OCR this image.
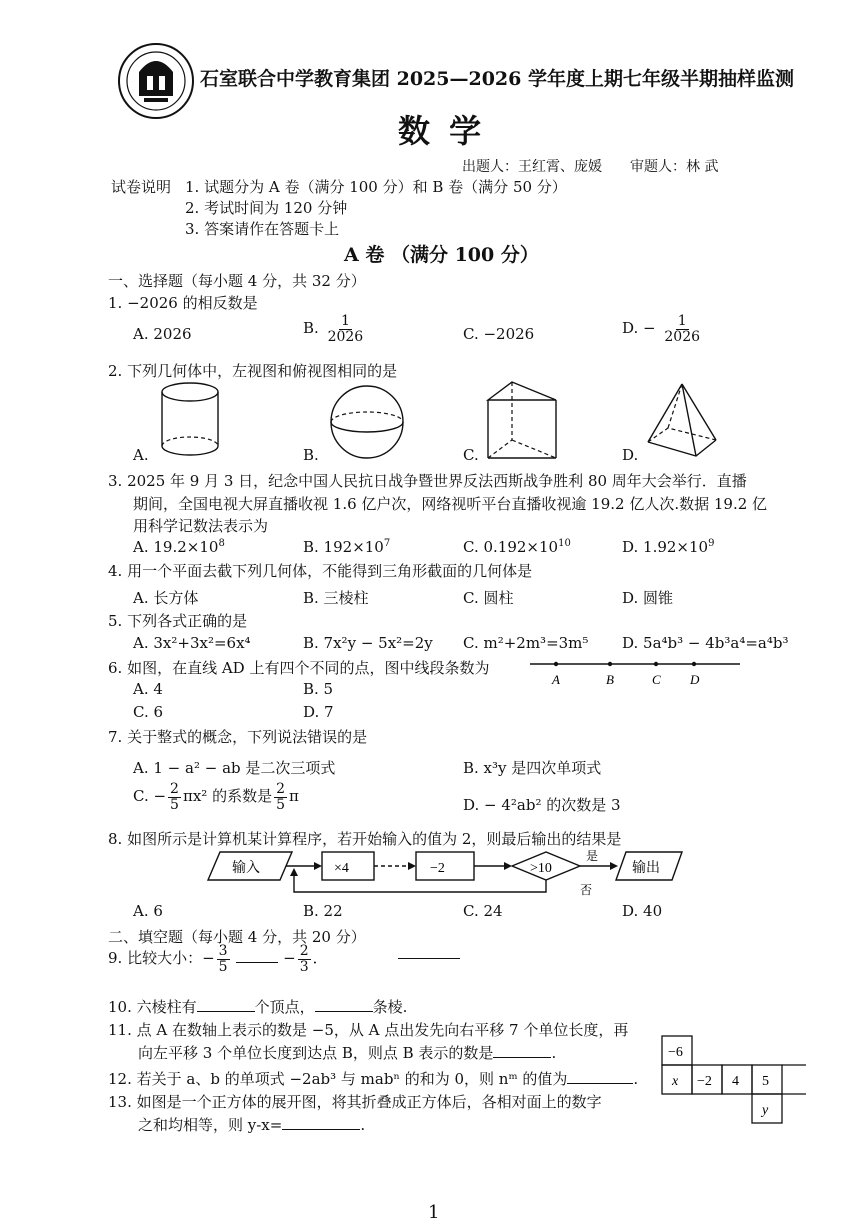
石室联合中学教育集团 2025—2026 学年度上期七年级半期抽样监测
数 学
出题人：王红霄、庞媛 审题人：林 武
试卷说明 1. 试题分为 A 卷（满分 100 分）和 B 卷（满分 50 分）
2. 考试时间为 120 分钟
3. 答案请作在答题卡上
A 卷 （满分 100 分）
一、选择题（每小题 4 分，共 32 分）
1. −2026 的相反数是
A. 2026	B. $\frac{1}{2026}$	C. −2026	D. − $\frac{1}{2026}$
2. 下列几何体中，左视图和俯视图相同的是
A.	B.	C.	D.
3. 2025 年 9 月 3 日，纪念中国人民抗日战争暨世界反法西斯战争胜利 80 周年大会举行．直播
期间，全国电视大屏直播收视 1.6 亿户次，网络视听平台直播收视逾 19.2 亿人次.数据 19.2 亿
用科学记数法表示为
A. $19.2\times 10^8$	B. $192\times 10^7$	C. $0.192\times 10^{10}$	D. $1.92\times 10^9$
4. 用一个平面去截下列几何体，不能得到三角形截面的几何体是
A. 长方体	B. 三棱柱	C. 圆柱	D. 圆锥
5. 下列各式正确的是
A. 3x²+3x²=6x⁴	B. 7x²y − 5x²=2y C. m²+2m³=3m⁵ D. 5a⁴b³ − 4b³a⁴=a⁴b³
6. 如图，在直线 AD 上有四个不同的点，图中线段条数为
A	B	C D
A. 4	B. 5
C. 6	D. 7
7. 关于整式的概念，下列说法错误的是
A. 1 − a² − ab 是二次三项式	B. x³y 是四次单项式
C. − $\frac{2}{5} \pi x^2$ 的系数是 $\frac{2}{5}$ π	D. − 4²ab² 的次数是 3
8. 如图所示是计算机某计算程序，若开始输入的值为 2，则最后输出的结果是
输入	×4	−2	>10
是
输出
否
A. 6	B. 22	C. 24	D. 40
二、填空题（每小题 4 分，共 20 分）
9. 比较大小：− $\frac{3}{5}$	− $\frac{2}{3}$ ．
10. 六棱柱有	个顶点，	条棱.
11. 点 A 在数轴上表示的数是 −5，从 A 点出发先向右平移 7 个单位长度，再
向左平移 3 个单位长度到达点 B，则点 B 表示的数是	.
12. 若关于 a、b 的单项式 −2ab³ 与 mabⁿ 的和为 0，则 nᵐ 的值为	.
13. 如图是一个正方体的展开图，将其折叠成正方体后，各相对面上的数字
之和均相等，则 y-x=	.
−6
x −2 4 5
y
1
